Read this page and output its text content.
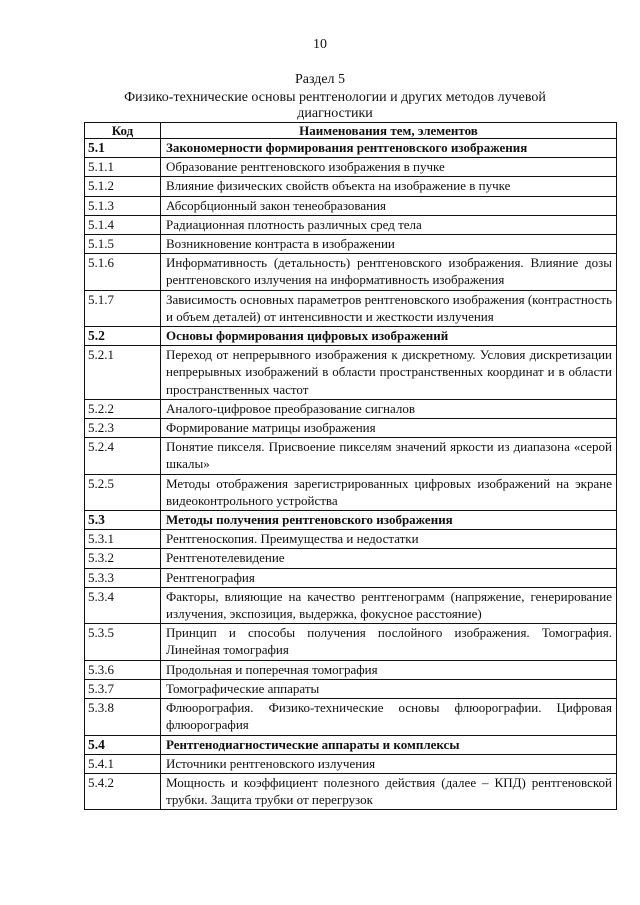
10
Раздел 5
Физико-технические основы рентгенологии и других методов лучевой диагностики
Код	Наименования тем, элементов
5.1	Закономерности формирования рентгеновского изображения
5.1.1	Образование рентгеновского изображения в пучке
5.1.2	Влияние физических свойств объекта на изображение в пучке
5.1.3	Абсорбционный закон тенеобразования
5.1.4	Радиационная плотность различных сред тела
5.1.5	Возникновение контраста в изображении
5.1.6	Информативность (детальность) рентгеновского изображения. Влияние дозы рентгеновского излучения на информативность изображения
5.1.7	Зависимость основных параметров рентгеновского изображения (контрастность и объем деталей) от интенсивности и жесткости излучения
5.2	Основы формирования цифровых изображений
5.2.1	Переход от непрерывного изображения к дискретному. Условия дискретизации непрерывных изображений в области пространственных координат и в области пространственных частот
5.2.2	Аналого-цифровое преобразование сигналов
5.2.3	Формирование матрицы изображения
5.2.4	Понятие пикселя. Присвоение пикселям значений яркости из диапазона «серой шкалы»
5.2.5	Методы отображения зарегистрированных цифровых изображений на экране видеоконтрольного устройства
5.3	Методы получения рентгеновского изображения
5.3.1	Рентгеноскопия. Преимущества и недостатки
5.3.2	Рентгенотелевидение
5.3.3	Рентгенография
5.3.4	Факторы, влияющие на качество рентгенограмм (напряжение, генерирование излучения, экспозиция, выдержка, фокусное расстояние)
5.3.5	Принцип и способы получения послойного изображения. Томография. Линейная томография
5.3.6	Продольная и поперечная томография
5.3.7	Томографические аппараты
5.3.8	Флюорография. Физико-технические основы флюорографии. Цифровая флюорография
5.4	Рентгенодиагностические аппараты и комплексы
5.4.1	Источники рентгеновского излучения
5.4.2	Мощность и коэффициент полезного действия (далее – КПД) рентгеновской трубки. Защита трубки от перегрузок
